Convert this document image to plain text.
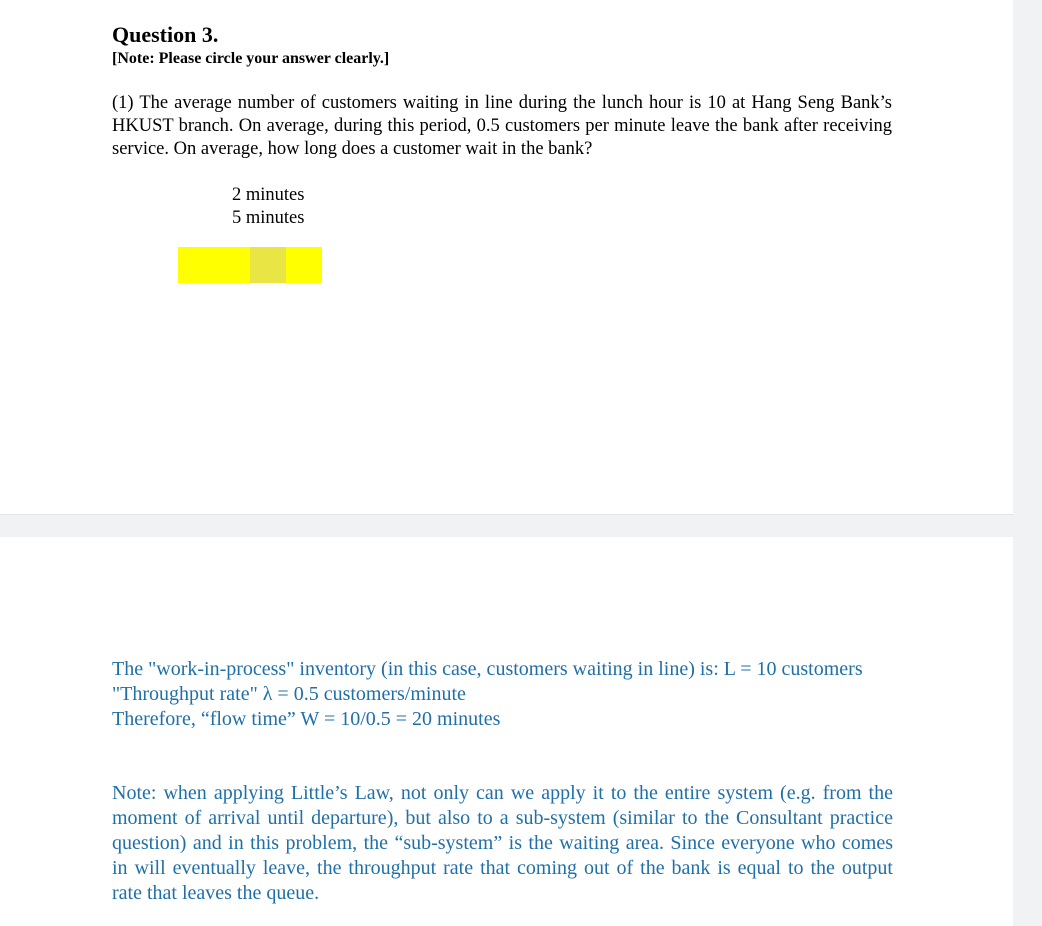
Question 3.
[Note: Please circle your answer clearly.]

(1) The average number of customers waiting in line during the lunch hour is 10 at Hang Seng Bank’s HKUST branch. On average, during this period, 0.5 customers per minute leave the bank after receiving service. On average, how long does a customer wait in the bank?

2 minutes
5 minutes

The "work-in-process" inventory (in this case, customers waiting in line) is: L = 10 customers
"Throughput rate" λ = 0.5 customers/minute
Therefore, “flow time” W = 10/0.5 = 20 minutes

Note: when applying Little’s Law, not only can we apply it to the entire system (e.g. from the moment of arrival until departure), but also to a sub-system (similar to the Consultant practice question) and in this problem, the “sub-system” is the waiting area. Since everyone who comes in will eventually leave, the throughput rate that coming out of the bank is equal to the output rate that leaves the queue.
